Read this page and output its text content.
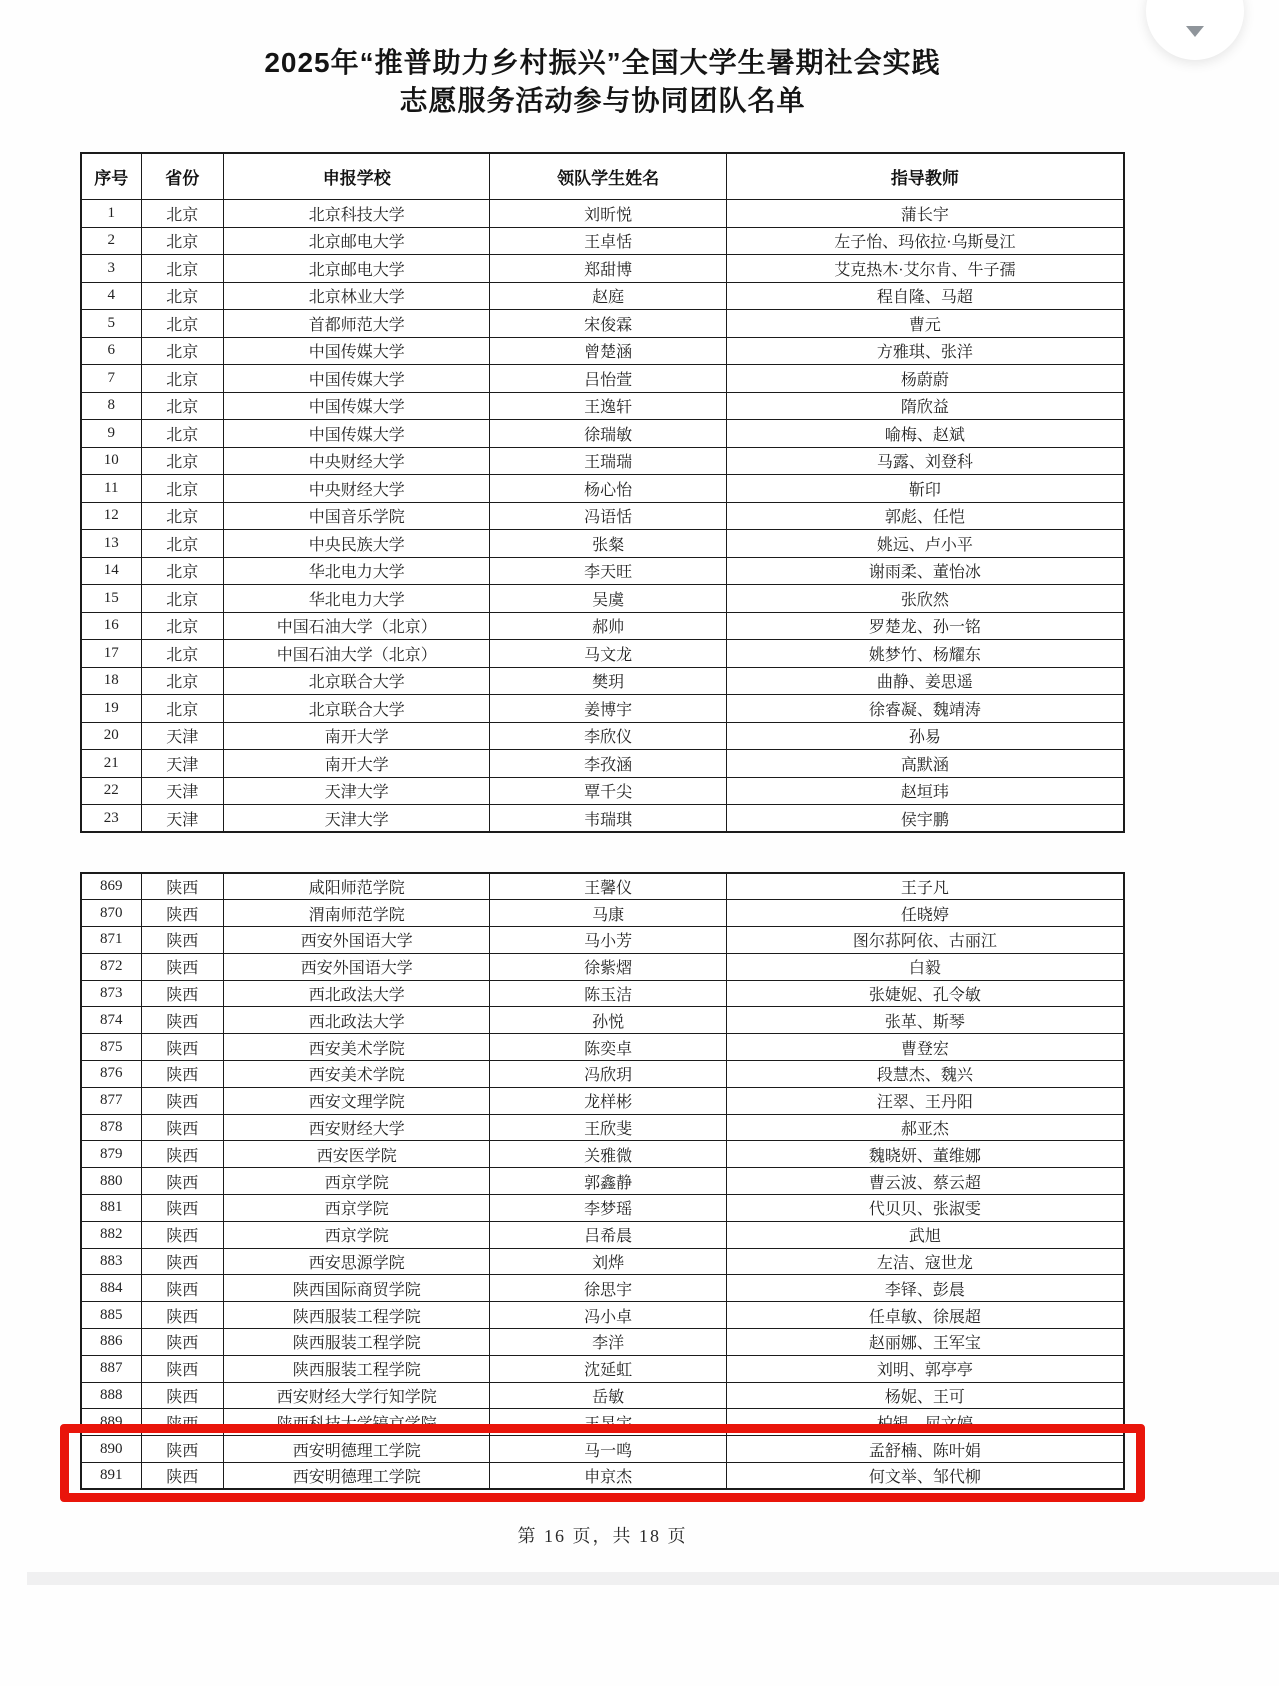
2025年“推普助力乡村振兴”全国大学生暑期社会实践
志愿服务活动参与协同团队名单
序号	省份	申报学校	领队学生姓名	指导教师
1	北京	北京科技大学	刘昕悦	蒲长宇
2	北京	北京邮电大学	王卓恬	左子怡、玛依拉·乌斯曼江
3	北京	北京邮电大学	郑甜博	艾克热木·艾尔肯、牛子孺
4	北京	北京林业大学	赵庭	程自隆、马超
5	北京	首都师范大学	宋俊霖	曹元
6	北京	中国传媒大学	曾楚涵	方雅琪、张洋
7	北京	中国传媒大学	吕怡萱	杨蔚蔚
8	北京	中国传媒大学	王逸轩	隋欣益
9	北京	中国传媒大学	徐瑞敏	喻梅、赵斌
10	北京	中央财经大学	王瑞瑞	马露、刘登科
11	北京	中央财经大学	杨心怡	靳印
12	北京	中国音乐学院	冯语恬	郭彪、任恺
13	北京	中央民族大学	张粲	姚远、卢小平
14	北京	华北电力大学	李天旺	谢雨柔、董怡冰
15	北京	华北电力大学	吴虞	张欣然
16	北京	中国石油大学（北京）	郝帅	罗楚龙、孙一铭
17	北京	中国石油大学（北京）	马文龙	姚梦竹、杨耀东
18	北京	北京联合大学	樊玥	曲静、姜思遥
19	北京	北京联合大学	姜博宇	徐睿凝、魏靖涛
20	天津	南开大学	李欣仪	孙易
21	天津	南开大学	李孜涵	高默涵
22	天津	天津大学	覃千尖	赵垣玮
23	天津	天津大学	韦瑞琪	侯宇鹏
869	陕西	咸阳师范学院	王馨仪	王子凡
870	陕西	渭南师范学院	马康	任晓婷
871	陕西	西安外国语大学	马小芳	图尔荪阿依、古丽江
872	陕西	西安外国语大学	徐紫熠	白毅
873	陕西	西北政法大学	陈玉洁	张婕妮、孔令敏
874	陕西	西北政法大学	孙悦	张革、斯琴
875	陕西	西安美术学院	陈奕卓	曹登宏
876	陕西	西安美术学院	冯欣玥	段慧杰、魏兴
877	陕西	西安文理学院	龙样彬	汪翠、王丹阳
878	陕西	西安财经大学	王欣斐	郝亚杰
879	陕西	西安医学院	关雅微	魏晓妍、董维娜
880	陕西	西京学院	郭鑫静	曹云波、蔡云超
881	陕西	西京学院	李梦瑶	代贝贝、张淑雯
882	陕西	西京学院	吕希晨	武旭
883	陕西	西安思源学院	刘烨	左洁、寇世龙
884	陕西	陕西国际商贸学院	徐思宇	李铎、彭晨
885	陕西	陕西服装工程学院	冯小卓	任卓敏、徐展超
886	陕西	陕西服装工程学院	李洋	赵丽娜、王军宝
887	陕西	陕西服装工程学院	沈延虹	刘明、郭亭亭
888	陕西	西安财经大学行知学院	岳敏	杨妮、王可
889	陕西	陕西科技大学镐京学院	王昱宇	柏银、屈文婷
890	陕西	西安明德理工学院	马一鸣	孟舒楠、陈叶娟
891	陕西	西安明德理工学院	申京杰	何文举、邹代柳
第 16 页，共 18 页
